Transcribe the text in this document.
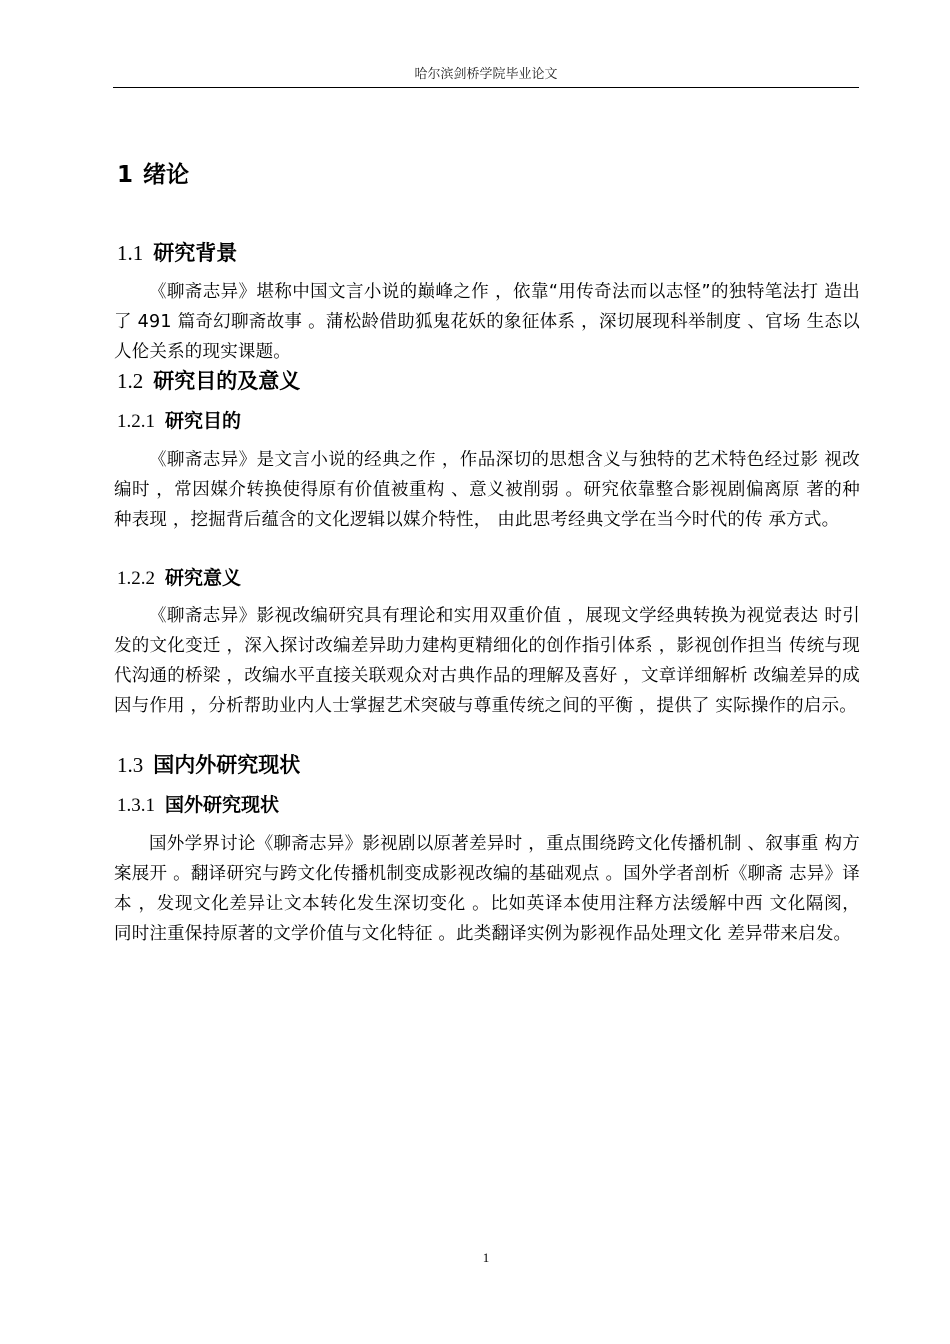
哈尔滨剑桥学院毕业论文
1 绪论
1.1 研究背景

《聊斋志异》堪称中国文言小说的巅峰之作 ，依靠“用传奇法而以志怪”的独特笔法打 造出了 491 篇奇幻聊斋故事 。蒲松龄借助狐鬼花妖的象征体系 ，深切展现科举制度 、官场 生态以人伦关系的现实课题。

1.2 研究目的及意义
1.2.1 研究目的

《聊斋志异》是文言小说的经典之作 ，作品深切的思想含义与独特的艺术特色经过影 视改编时 ，常因媒介转换使得原有价值被重构 、意义被削弱 。研究依靠整合影视剧偏离原 著的种种表现 ，挖掘背后蕴含的文化逻辑以媒介特性， 由此思考经典文学在当今时代的传 承方式。

1.2.2 研究意义

《聊斋志异》影视改编研究具有理论和实用双重价值 ，展现文学经典转换为视觉表达 时引发的文化变迁 ，深入探讨改编差异助力建构更精细化的创作指引体系 ，影视创作担当 传统与现代沟通的桥梁 ，改编水平直接关联观众对古典作品的理解及喜好 ，文章详细解析 改编差异的成因与作用 ，分析帮助业内人士掌握艺术突破与尊重传统之间的平衡 ，提供了 实际操作的启示。

1.3 国内外研究现状
1.3.1 国外研究现状

国外学界讨论《聊斋志异》影视剧以原著差异时 ，重点围绕跨文化传播机制 、叙事重 构方案展开 。翻译研究与跨文化传播机制变成影视改编的基础观点 。国外学者剖析《聊斋 志异》译本 ，发现文化差异让文本转化发生深切变化 。比如英译本使用注释方法缓解中西 文化隔阂， 同时注重保持原著的文学价值与文化特征 。此类翻译实例为影视作品处理文化 差异带来启发。

1
